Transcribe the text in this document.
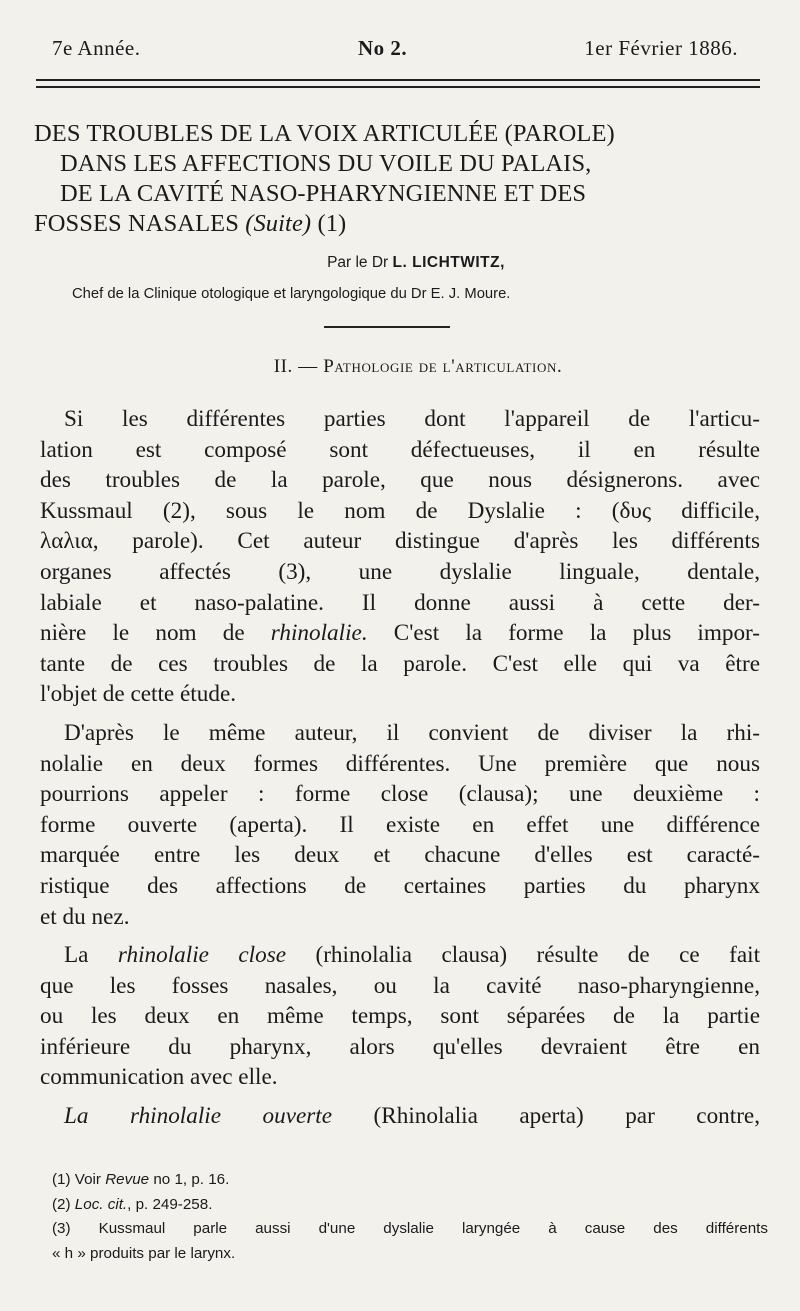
7e Année.	No 2.	1er Février 1886.
DES TROUBLES DE LA VOIX ARTICULÉE (PAROLE)
DANS LES AFFECTIONS DU VOILE DU PALAIS,
DE LA CAVITÉ NASO-PHARYNGIENNE ET DES
FOSSES NASALES (Suite) (1)
Par le Dr L. LICHTWITZ,
Chef de la Clinique otologique et laryngologique du Dr E. J. Moure.
II. — Pathologie de l'articulation.

Si les différentes parties dont l'appareil de l'articu-
lation est composé sont défectueuses, il en résulte
des troubles de la parole, que nous désignerons. avec
Kussmaul (2), sous le nom de Dyslalie : (δυς difficile,
λαλια, parole). Cet auteur distingue d'après les différents
organes affectés (3), une dyslalie linguale, dentale,
labiale et naso-palatine. Il donne aussi à cette der-
nière le nom de rhinolalie. C'est la forme la plus impor-
tante de ces troubles de la parole. C'est elle qui va être
l'objet de cette étude.

D'après le même auteur, il convient de diviser la rhi-
nolalie en deux formes différentes. Une première que nous
pourrions appeler : forme close (clausa); une deuxième :
forme ouverte (aperta). Il existe en effet une différence
marquée entre les deux et chacune d'elles est caracté-
ristique des affections de certaines parties du pharynx
et du nez.

La rhinolalie close (rhinolalia clausa) résulte de ce fait
que les fosses nasales, ou la cavité naso-pharyngienne,
ou les deux en même temps, sont séparées de la partie
inférieure du pharynx, alors qu'elles devraient être en
communication avec elle.

La rhinolalie ouverte (Rhinolalia aperta) par contre,

(1) Voir Revue no 1, p. 16.
(2) Loc. cit., p. 249-258.
(3) Kussmaul parle aussi d'une dyslalie laryngée à cause des différents
« h » produits par le larynx.
